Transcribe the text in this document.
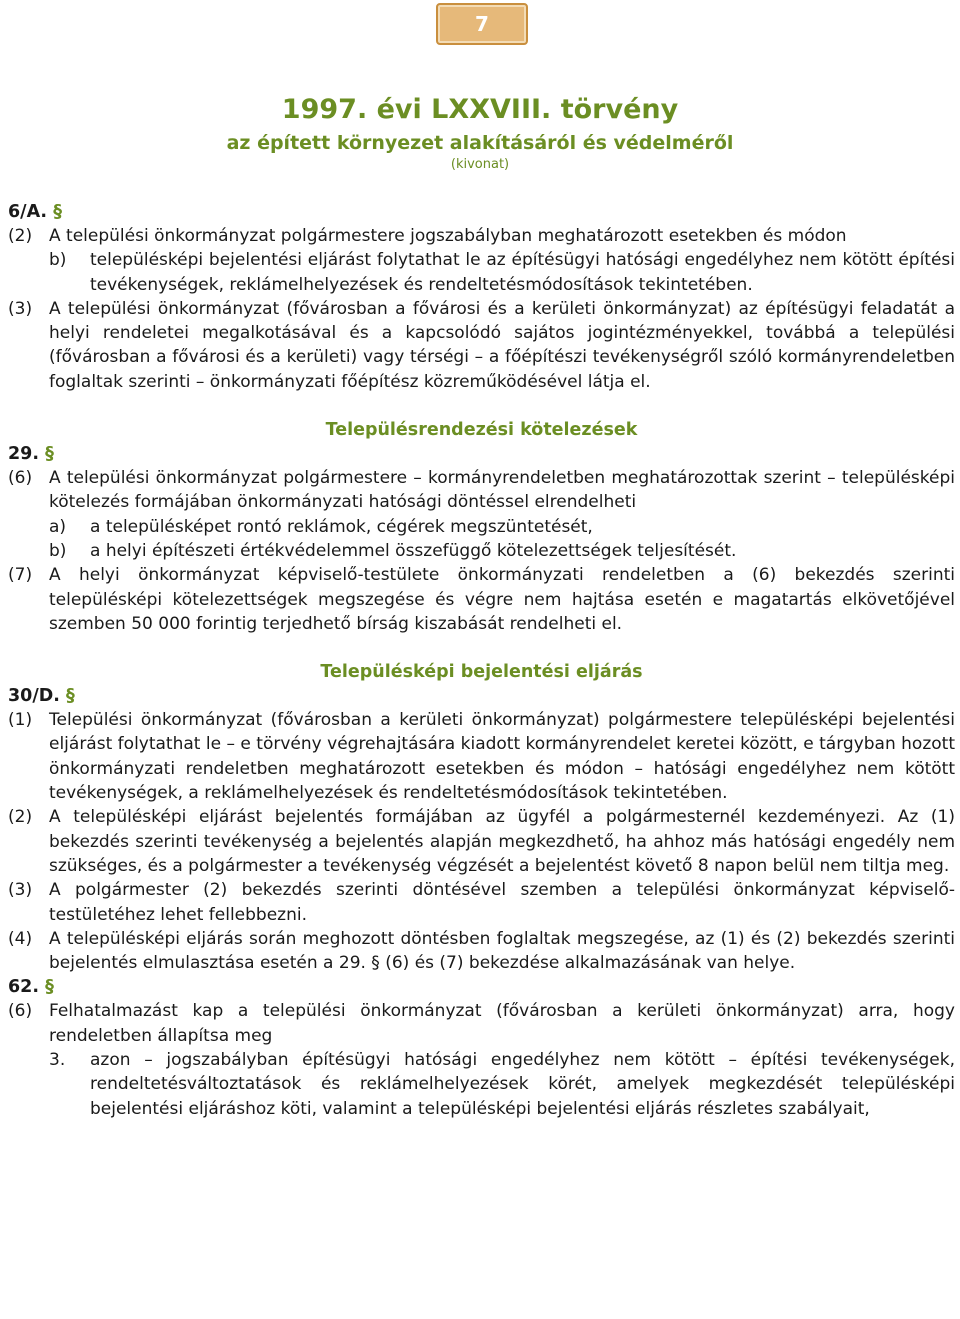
7
1997. évi LXXVIII. törvény
az épített környezet alakításáról és védelméről
(kivonat)
6/A. §
(2) A települési önkormányzat polgármestere jogszabályban meghatározott esetekben és módon
b)	településképi bejelentési eljárást folytathat le az építésügyi hatósági engedélyhez nem kötött építési tevékenységek, reklámelhelyezések és rendeltetésmódosítások tekintetében.
(3) A települési önkormányzat (fővárosban a fővárosi és a kerületi önkormányzat) az építésügyi feladatát a helyi rendeletei megalkotásával és a kapcsolódó sajátos jogintézményekkel, továbbá a települési (fővárosban a fővárosi és a kerületi) vagy térségi – a főépítészi tevékenységről szóló kormányrendeletben foglaltak szerinti – önkormányzati főépítész közreműködésével látja el.
Településrendezési kötelezések
29. §
(6) A települési önkormányzat polgármestere – kormányrendeletben meghatározottak szerint – településképi kötelezés formájában önkormányzati hatósági döntéssel elrendelheti
a)	a településképet rontó reklámok, cégérek megszüntetését,
b)	a helyi építészeti értékvédelemmel összefüggő kötelezettségek teljesítését.
(7) A helyi önkormányzat képviselő-testülete önkormányzati rendeletben a (6) bekezdés szerinti településképi kötelezettségek megszegése és végre nem hajtása esetén e magatartás elkövetőjével szemben 50 000 forintig terjedhető bírság kiszabását rendelheti el.
Településképi bejelentési eljárás
30/D. §
(1) Települési önkormányzat (fővárosban a kerületi önkormányzat) polgármestere településképi bejelentési eljárást folytathat le – e törvény végrehajtására kiadott kormányrendelet keretei között, e tárgyban hozott önkormányzati rendeletben meghatározott esetekben és módon – hatósági engedélyhez nem kötött tevékenységek, a reklámelhelyezések és rendeltetésmódosítások tekintetében.
(2) A településképi eljárást bejelentés formájában az ügyfél a polgármesternél kezdeményezi. Az (1) bekezdés szerinti tevékenység a bejelentés alapján megkezdhető, ha ahhoz más hatósági engedély nem szükséges, és a polgármester a tevékenység végzését a bejelentést követő 8 napon belül nem tiltja meg.
(3) A polgármester (2) bekezdés szerinti döntésével szemben a települési önkormányzat képviselő-testületéhez lehet fellebbezni.
(4) A településképi eljárás során meghozott döntésben foglaltak megszegése, az (1) és (2) bekezdés szerinti bejelentés elmulasztása esetén a 29. § (6) és (7) bekezdése alkalmazásának van helye.
62. §
(6) Felhatalmazást kap a települési önkormányzat (fővárosban a kerületi önkormányzat) arra, hogy rendeletben állapítsa meg
3.	azon – jogszabályban építésügyi hatósági engedélyhez nem kötött – építési tevékenységek, rendeltetésváltoztatások és reklámelhelyezések körét, amelyek megkezdését településképi bejelentési eljáráshoz köti, valamint a településképi bejelentési eljárás részletes szabályait,
